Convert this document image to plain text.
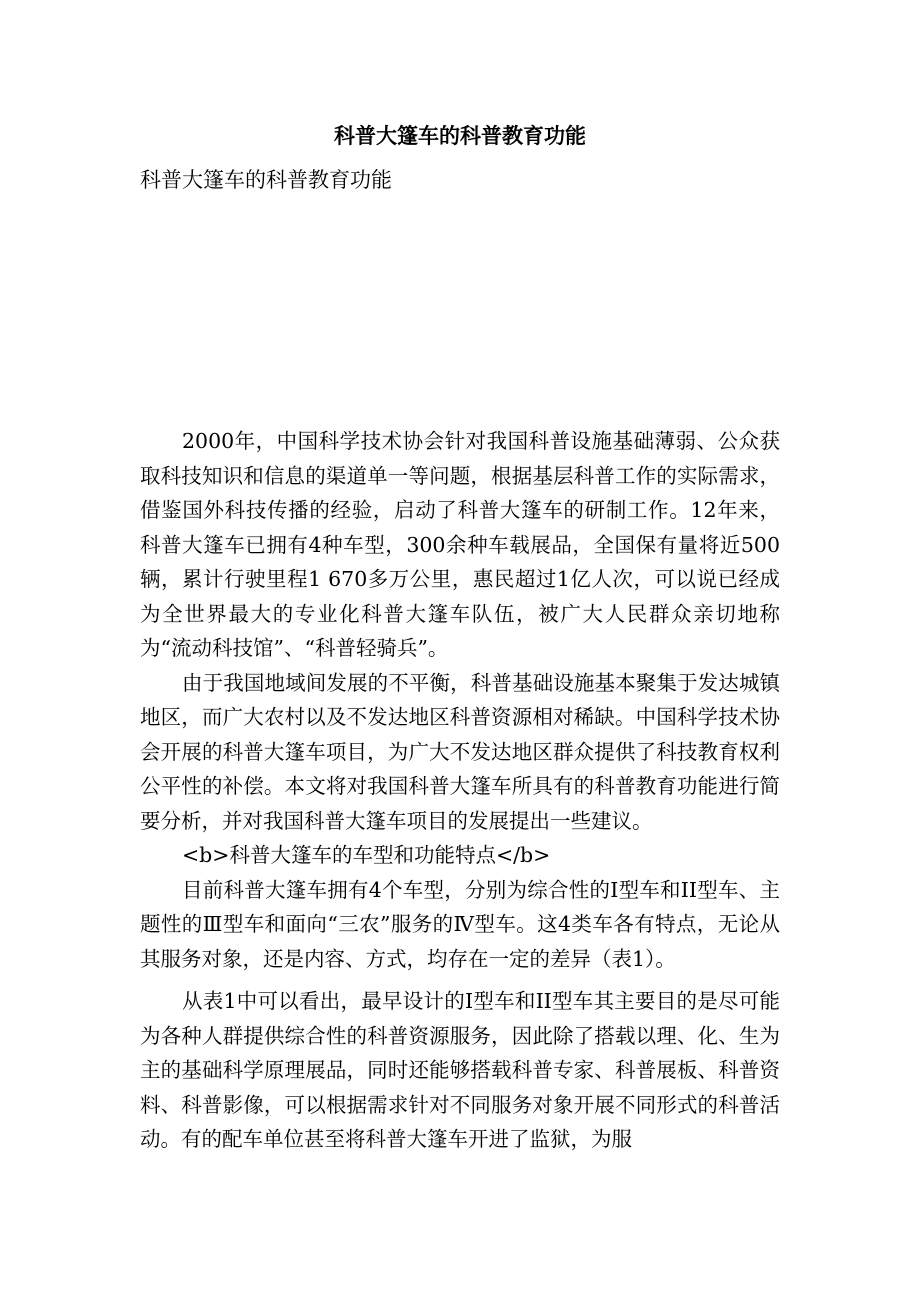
科普大篷车的科普教育功能

科普大篷车的科普教育功能

2000年，中国科学技术协会针对我国科普设施基础薄弱、公众获取科技知识和信息的渠道单一等问题，根据基层科普工作的实际需求，借鉴国外科技传播的经验，启动了科普大篷车的研制工作。12年来，科普大篷车已拥有4种车型，300余种车载展品，全国保有量将近500辆，累计行驶里程1 670多万公里，惠民超过1亿人次，可以说已经成为全世界最大的专业化科普大篷车队伍，被广大人民群众亲切地称为“流动科技馆”、“科普轻骑兵”。

由于我国地域间发展的不平衡，科普基础设施基本聚集于发达城镇地区，而广大农村以及不发达地区科普资源相对稀缺。中国科学技术协会开展的科普大篷车项目，为广大不发达地区群众提供了科技教育权利公平性的补偿。本文将对我国科普大篷车所具有的科普教育功能进行简要分析，并对我国科普大篷车项目的发展提出一些建议。

<b>科普大篷车的车型和功能特点</b>

目前科普大篷车拥有4个车型，分别为综合性的Ⅰ型车和II型车、主题性的Ⅲ型车和面向“三农”服务的Ⅳ型车。这4类车各有特点，无论从其服务对象，还是内容、方式，均存在一定的差异（表1）。

从表1中可以看出，最早设计的Ⅰ型车和II型车其主要目的是尽可能为各种人群提供综合性的科普资源服务，因此除了搭载以理、化、生为主的基础科学原理展品，同时还能够搭载科普专家、科普展板、科普资料、科普影像，可以根据需求针对不同服务对象开展不同形式的科普活动。有的配车单位甚至将科普大篷车开进了监狱，为服
